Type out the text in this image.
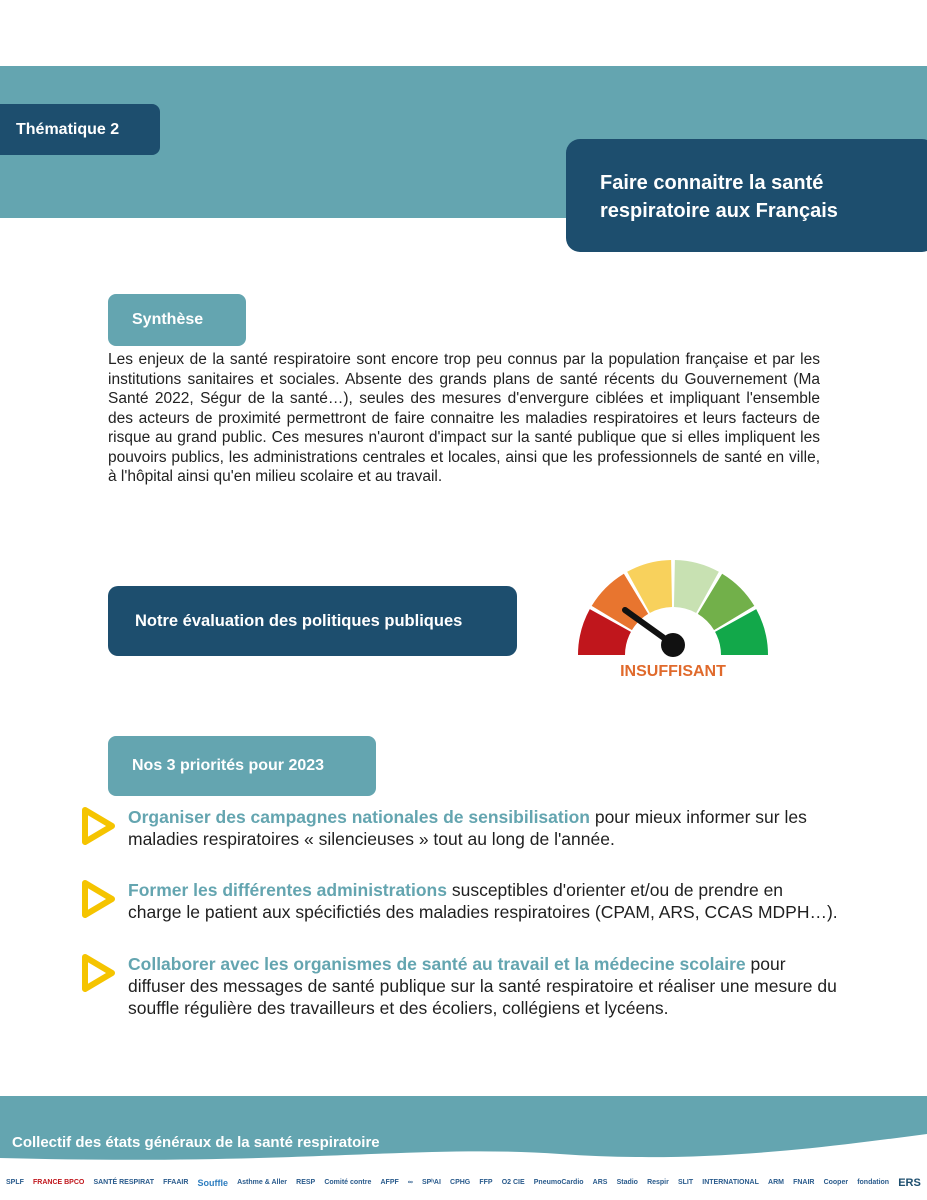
Thématique 2
Faire connaitre la santé
respiratoire aux Français
Synthèse
Les enjeux de la santé respiratoire sont encore trop peu connus par la population française et par les institutions sanitaires et sociales. Absente des grands plans de santé récents du Gouvernement (Ma Santé 2022, Ségur de la santé…), seules des mesures d'envergure ciblées et impliquant l'ensemble des acteurs de proximité permettront de faire connaitre les maladies respiratoires et leurs facteurs de risque au grand public. Ces mesures n'auront d'impact sur la santé publique que si elles impliquent les pouvoirs publics, les administrations centrales et locales, ainsi que les professionnels de santé en ville, à l'hôpital ainsi qu'en milieu scolaire et au travail.
Notre évaluation des politiques publiques
INSUFFISANT
Nos 3 priorités pour 2023
Organiser des campagnes nationales de sensibilisation pour mieux informer sur les maladies respiratoires « silencieuses » tout au long de l'année.
Former les différentes administrations susceptibles d'orienter et/ou de prendre en charge le patient aux spécifictiés des maladies respiratoires (CPAM, ARS, CCAS MDPH…).
Collaborer avec les organismes de santé au travail et la médecine scolaire pour diffuser des messages de santé publique sur la santé respiratoire et réaliser une mesure du souffle régulière des travailleurs et des écoliers, collégiens et lycéens.
Collectif des états généraux de la santé respiratoire
SPLF FRANCE BPCO SANTÉ RESPIRAT FFAAIR Souffle Asthme & Aller RESP Comité contre AFPF ∞ SPʰAI CPHG FFP O2 CIE PneumoCardio ARS Stadio Respir SLIT INTERNATIONAL ARM FNAIR Cooper fondation ERS
